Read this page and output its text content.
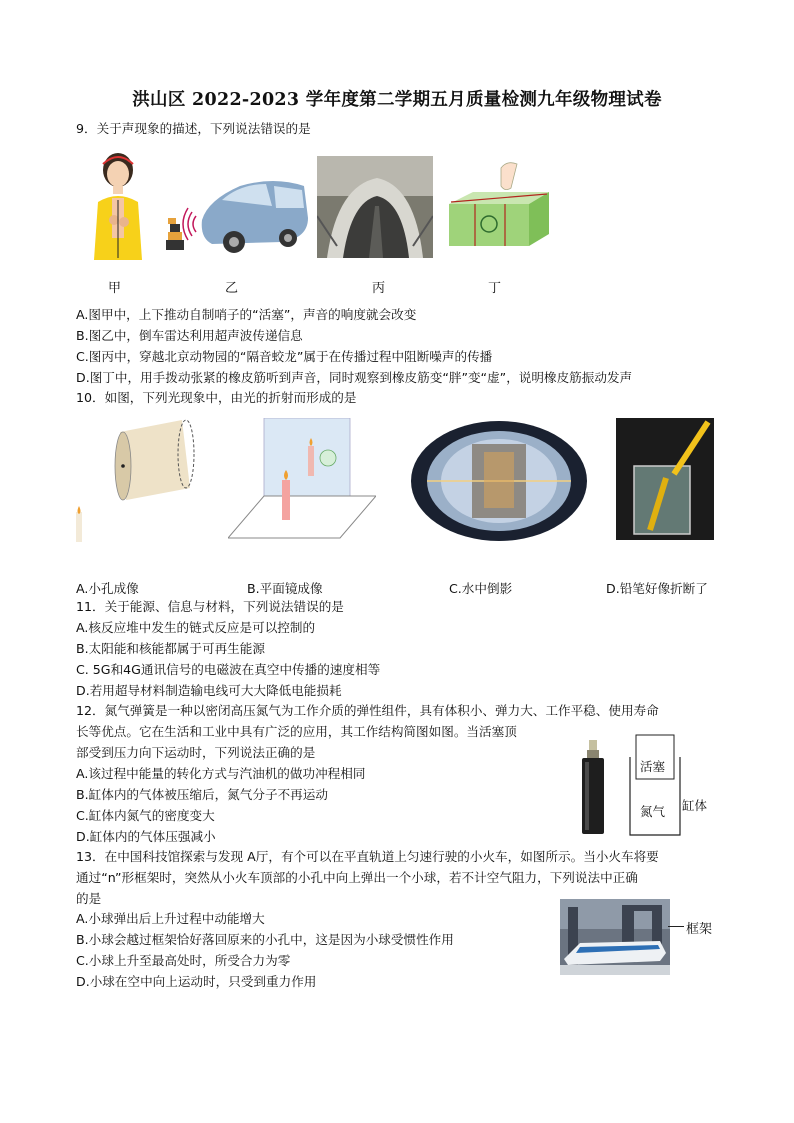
洪山区 2022-2023 学年度第二学期五月质量检测九年级物理试卷
9．关于声现象的描述，下列说法错误的是
甲	乙	丙	丁
A.图甲中，上下推动自制哨子的“活塞”，声音的响度就会改变
B.图乙中，倒车雷达利用超声波传递信息
C.图丙中，穿越北京动物园的“隔音蛟龙”属于在传播过程中阻断噪声的传播
D.图丁中，用手拨动张紧的橡皮筋听到声音，同时观察到橡皮筋变“胖”变“虚”，说明橡皮筋振动发声
10．如图，下列光现象中，由光的折射而形成的是
A.小孔成像	B.平面镜成像	C.水中倒影	D.铅笔好像折断了
11．关于能源、信息与材料，下列说法错误的是
A.核反应堆中发生的链式反应是可以控制的
B.太阳能和核能都属于可再生能源
C. 5G和4G通讯信号的电磁波在真空中传播的速度相等
D.若用超导材料制造输电线可大大降低电能损耗
12．氮气弹簧是一种以密闭高压氮气为工作介质的弹性组件，具有体积小、弹力大、工作平稳、使用寿命
长等优点。它在生活和工业中具有广泛的应用，其工作结构简图如图。当活塞顶
部受到压力向下运动时，下列说法正确的是
A.该过程中能量的转化方式与汽油机的做功冲程相同
B.缸体内的气体被压缩后，氮气分子不再运动
C.缸体内氮气的密度变大
D.缸体内的气体压强减小
活塞
氮气 缸体
13．在中国科技馆探索与发现 A厅，有个可以在平直轨道上匀速行驶的小火车，如图所示。当小火车将要
通过“n”形框架时，突然从小火车顶部的小孔中向上弹出一个小球，若不计空气阻力，下列说法中正确
的是
A.小球弹出后上升过程中动能增大
B.小球会越过框架恰好落回原来的小孔中，这是因为小球受惯性作用
C.小球上升至最高处时，所受合力为零
D.小球在空中向上运动时，只受到重力作用
框架
